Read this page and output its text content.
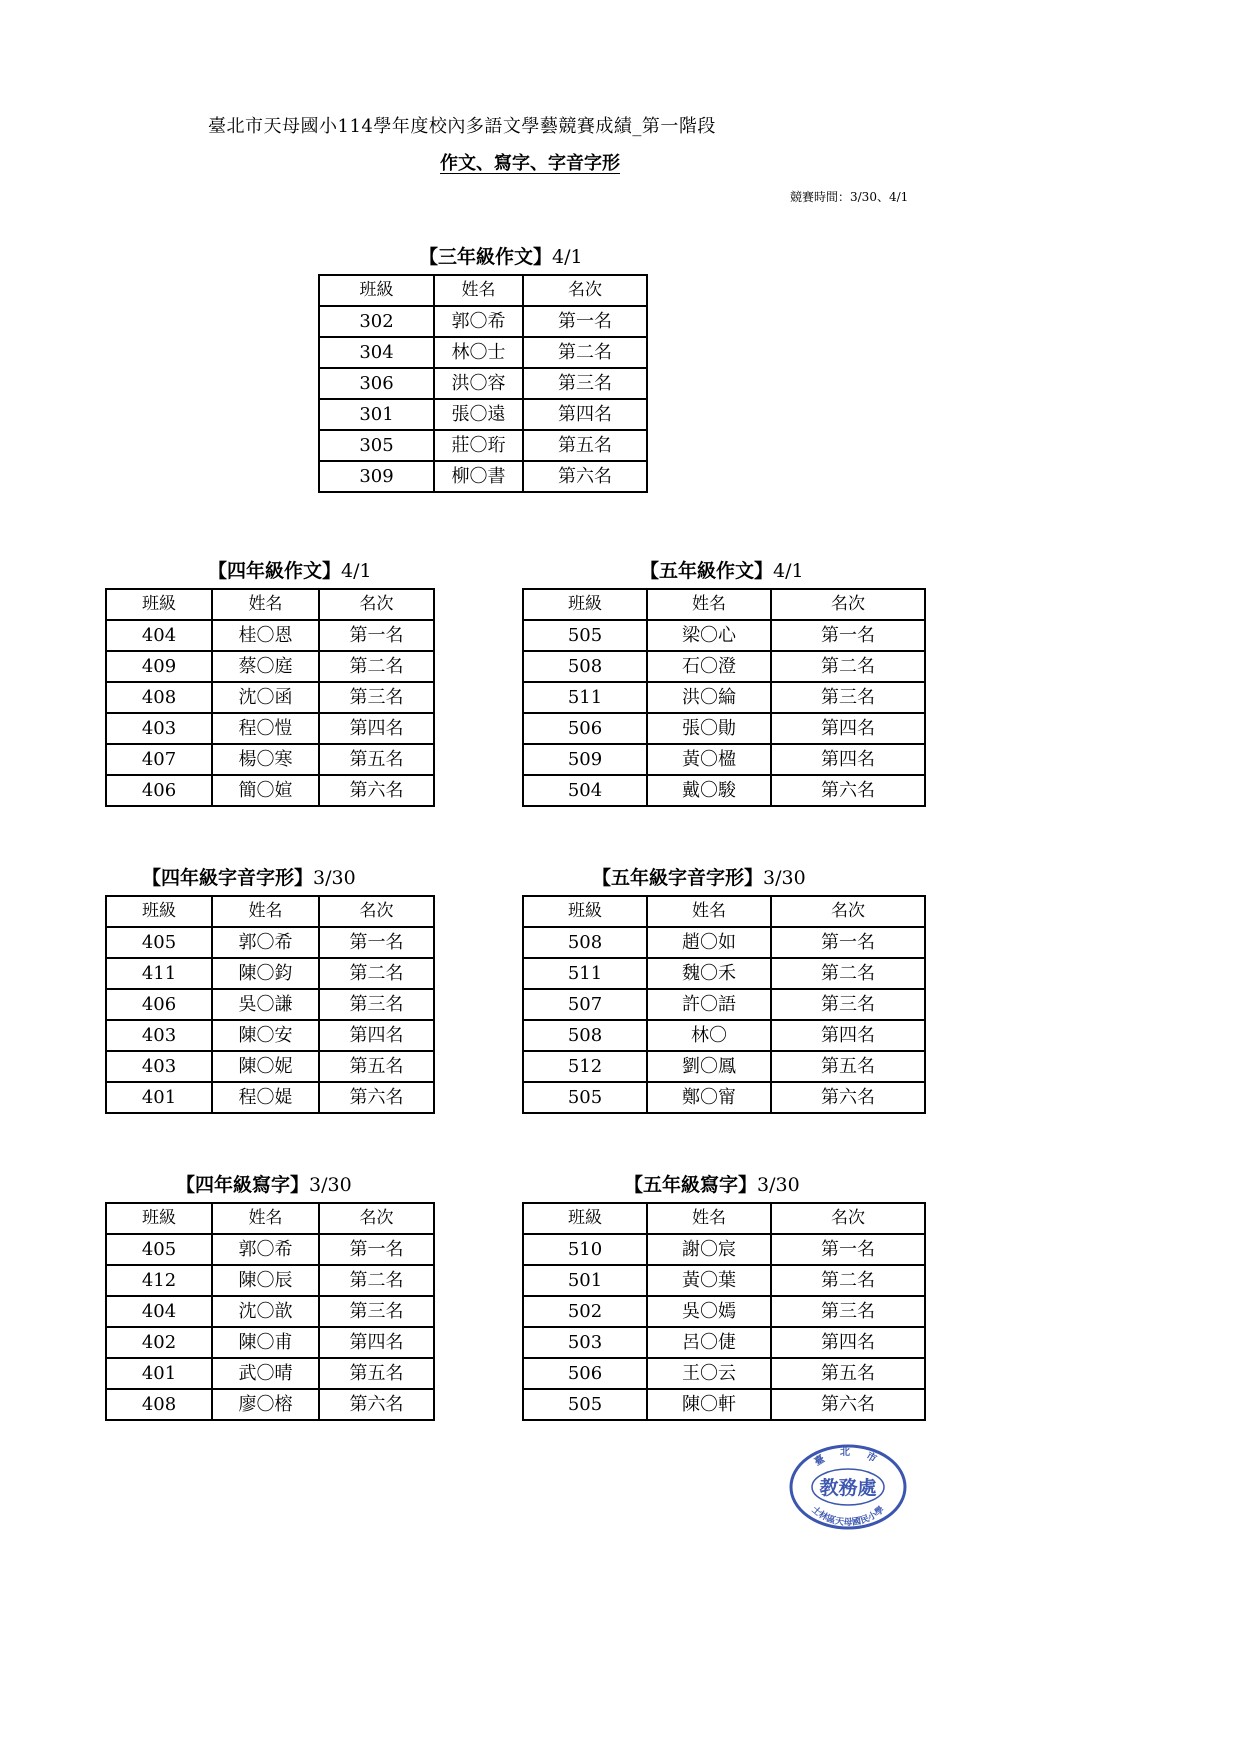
臺北市天母國小114學年度校內多語文學藝競賽成績_第一階段
作文、寫字、字音字形
競賽時間：3/30、4/1
【三年級作文】4/1
班級	姓名	名次
302	郭〇希	第一名
304	林〇士	第二名
306	洪〇容	第三名
301	張〇遠	第四名
305	莊〇珩	第五名
309	柳〇書	第六名
【四年級作文】4/1
班級	姓名	名次
404	桂〇恩	第一名
409	蔡〇庭	第二名
408	沈〇函	第三名
403	程〇愷	第四名
407	楊〇寒	第五名
406	簡〇媗	第六名
【五年級作文】4/1
班級	姓名	名次
505	梁〇心	第一名
508	石〇澄	第二名
511	洪〇綸	第三名
506	張〇勛	第四名
509	黃〇楹	第四名
504	戴〇駿	第六名
【四年級字音字形】3/30
班級	姓名	名次
405	郭〇希	第一名
411	陳〇鈞	第二名
406	吳〇謙	第三名
403	陳〇安	第四名
403	陳〇妮	第五名
401	程〇媞	第六名
【五年級字音字形】3/30
班級	姓名	名次
508	趙〇如	第一名
511	魏〇禾	第二名
507	許〇語	第三名
508	林〇	第四名
512	劉〇鳳	第五名
505	鄭〇甯	第六名
【四年級寫字】3/30
班級	姓名	名次
405	郭〇希	第一名
412	陳〇辰	第二名
404	沈〇歆	第三名
402	陳〇甫	第四名
401	武〇晴	第五名
408	廖〇榕	第六名
【五年級寫字】3/30
班級	姓名	名次
510	謝〇宸	第一名
501	黃〇葉	第二名
502	吳〇嫣	第三名
503	呂〇倢	第四名
506	王〇云	第五名
505	陳〇軒	第六名
臺 北 市
教務處
士林區天母國民小學
